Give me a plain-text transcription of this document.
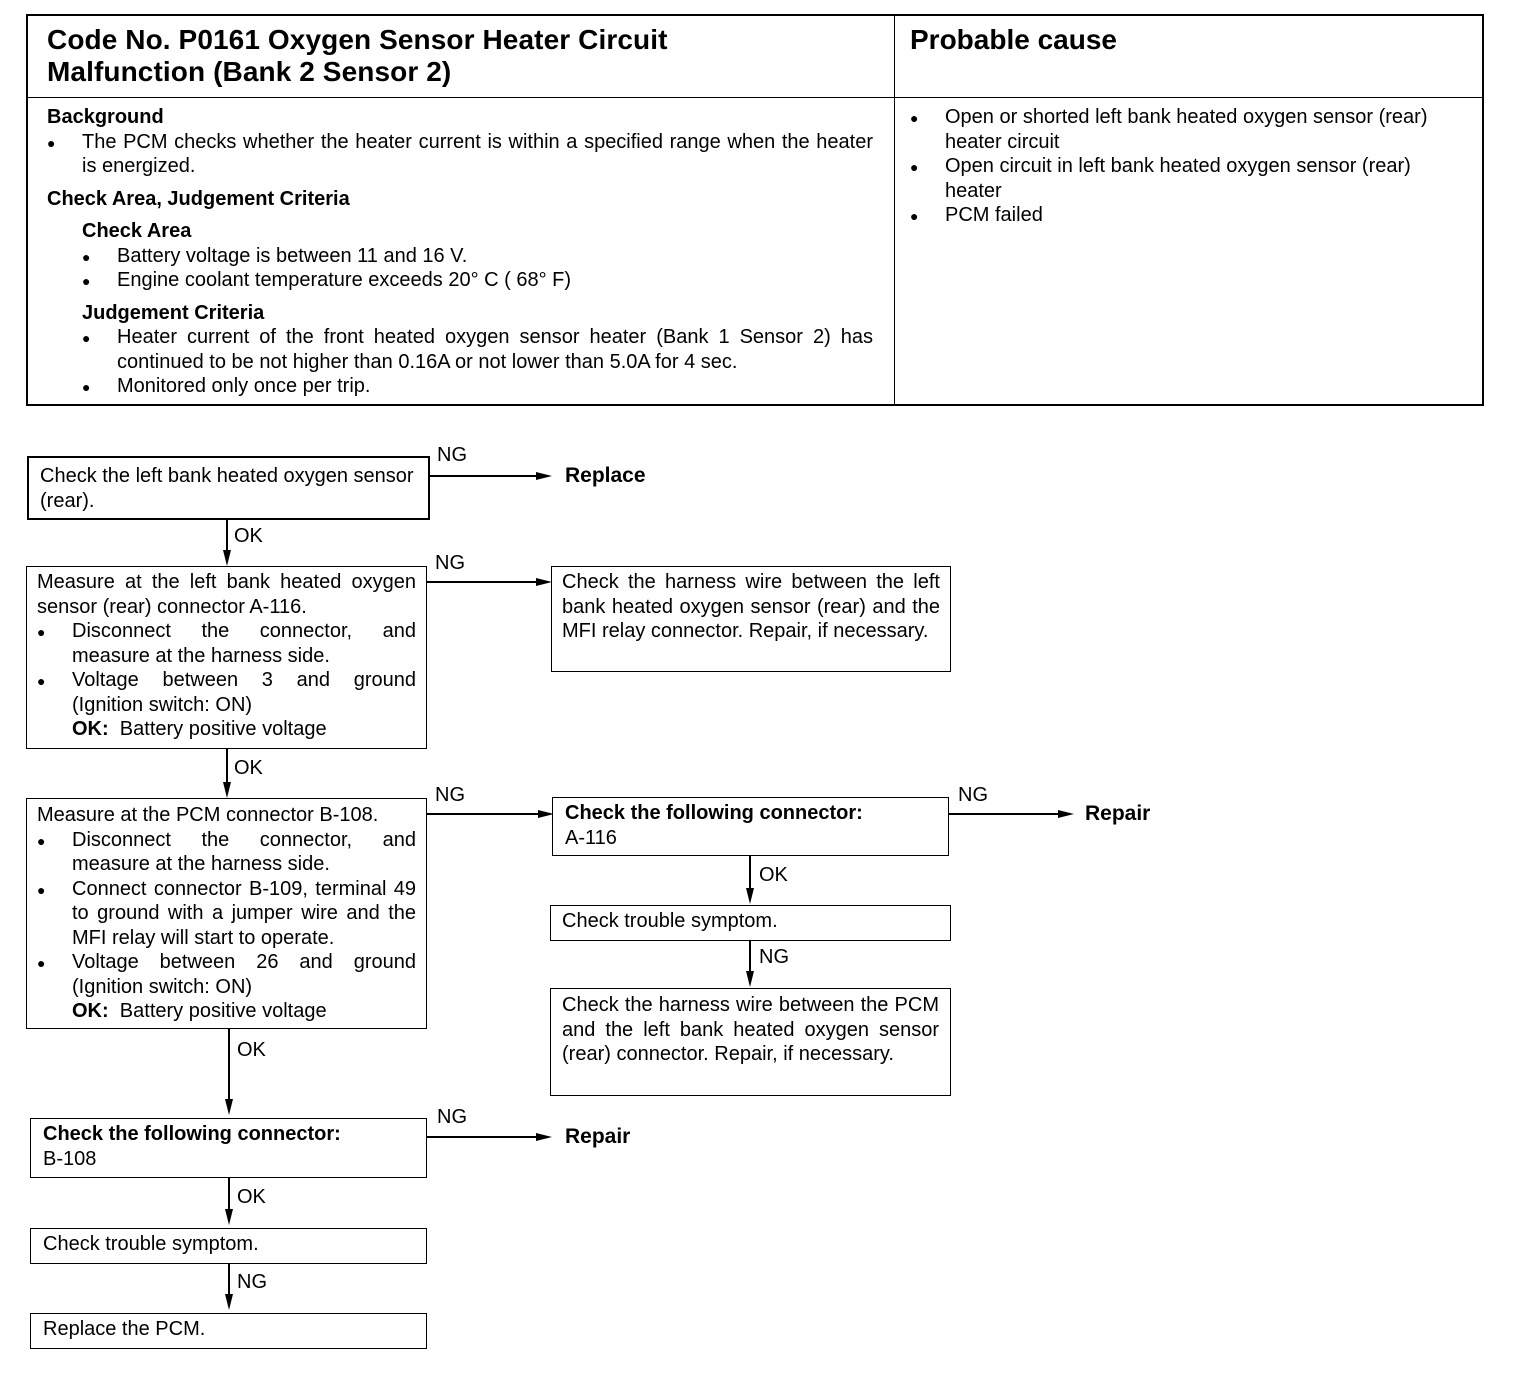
Code No. P0161 Oxygen Sensor Heater Circuit
Malfunction (Bank 2 Sensor 2)
Probable cause
Background
●
The PCM checks whether the heater current is within a specified range when the heater is energized.
Check Area, Judgement Criteria
Check Area
●
Battery voltage is between 11 and 16 V.
●
Engine coolant temperature exceeds 20° C ( 68° F)
Judgement Criteria
●
Heater current of the front heated oxygen sensor heater (Bank 1 Sensor 2) has continued to be not higher than 0.16A or not lower than 5.0A for 4 sec.
●
Monitored only once per trip.
●
Open or shorted left bank heated oxygen sensor (rear) heater circuit
●
Open circuit in left bank heated oxygen sensor (rear) heater
●
PCM failed
Check the left bank heated oxygen sensor (rear).
NG
Replace
OK
Measure at the left bank heated oxygen sensor (rear) connector A-116.
●
Disconnect the connector, and measure at the harness side.
●
Voltage between 3 and ground (Ignition switch: ON)
OK: Battery positive voltage
NG
Check the harness wire between the left bank heated oxygen sensor (rear) and the MFI relay connector. Repair, if necessary.
OK
Measure at the PCM connector B-108.
●
Disconnect the connector, and measure at the harness side.
●
Connect connector B-109, terminal 49 to ground with a jumper wire and the MFI relay will start to operate.
●
Voltage between 26 and ground (Ignition switch: ON)
OK: Battery positive voltage
NG
Check the following connector:
A-116
NG
Repair
OK
Check trouble symptom.
NG
Check the harness wire between the PCM and the left bank heated oxygen sensor (rear) connector. Repair, if necessary.
OK
Check the following connector:
B-108
NG
Repair
OK
Check trouble symptom.
NG
Replace the PCM.
